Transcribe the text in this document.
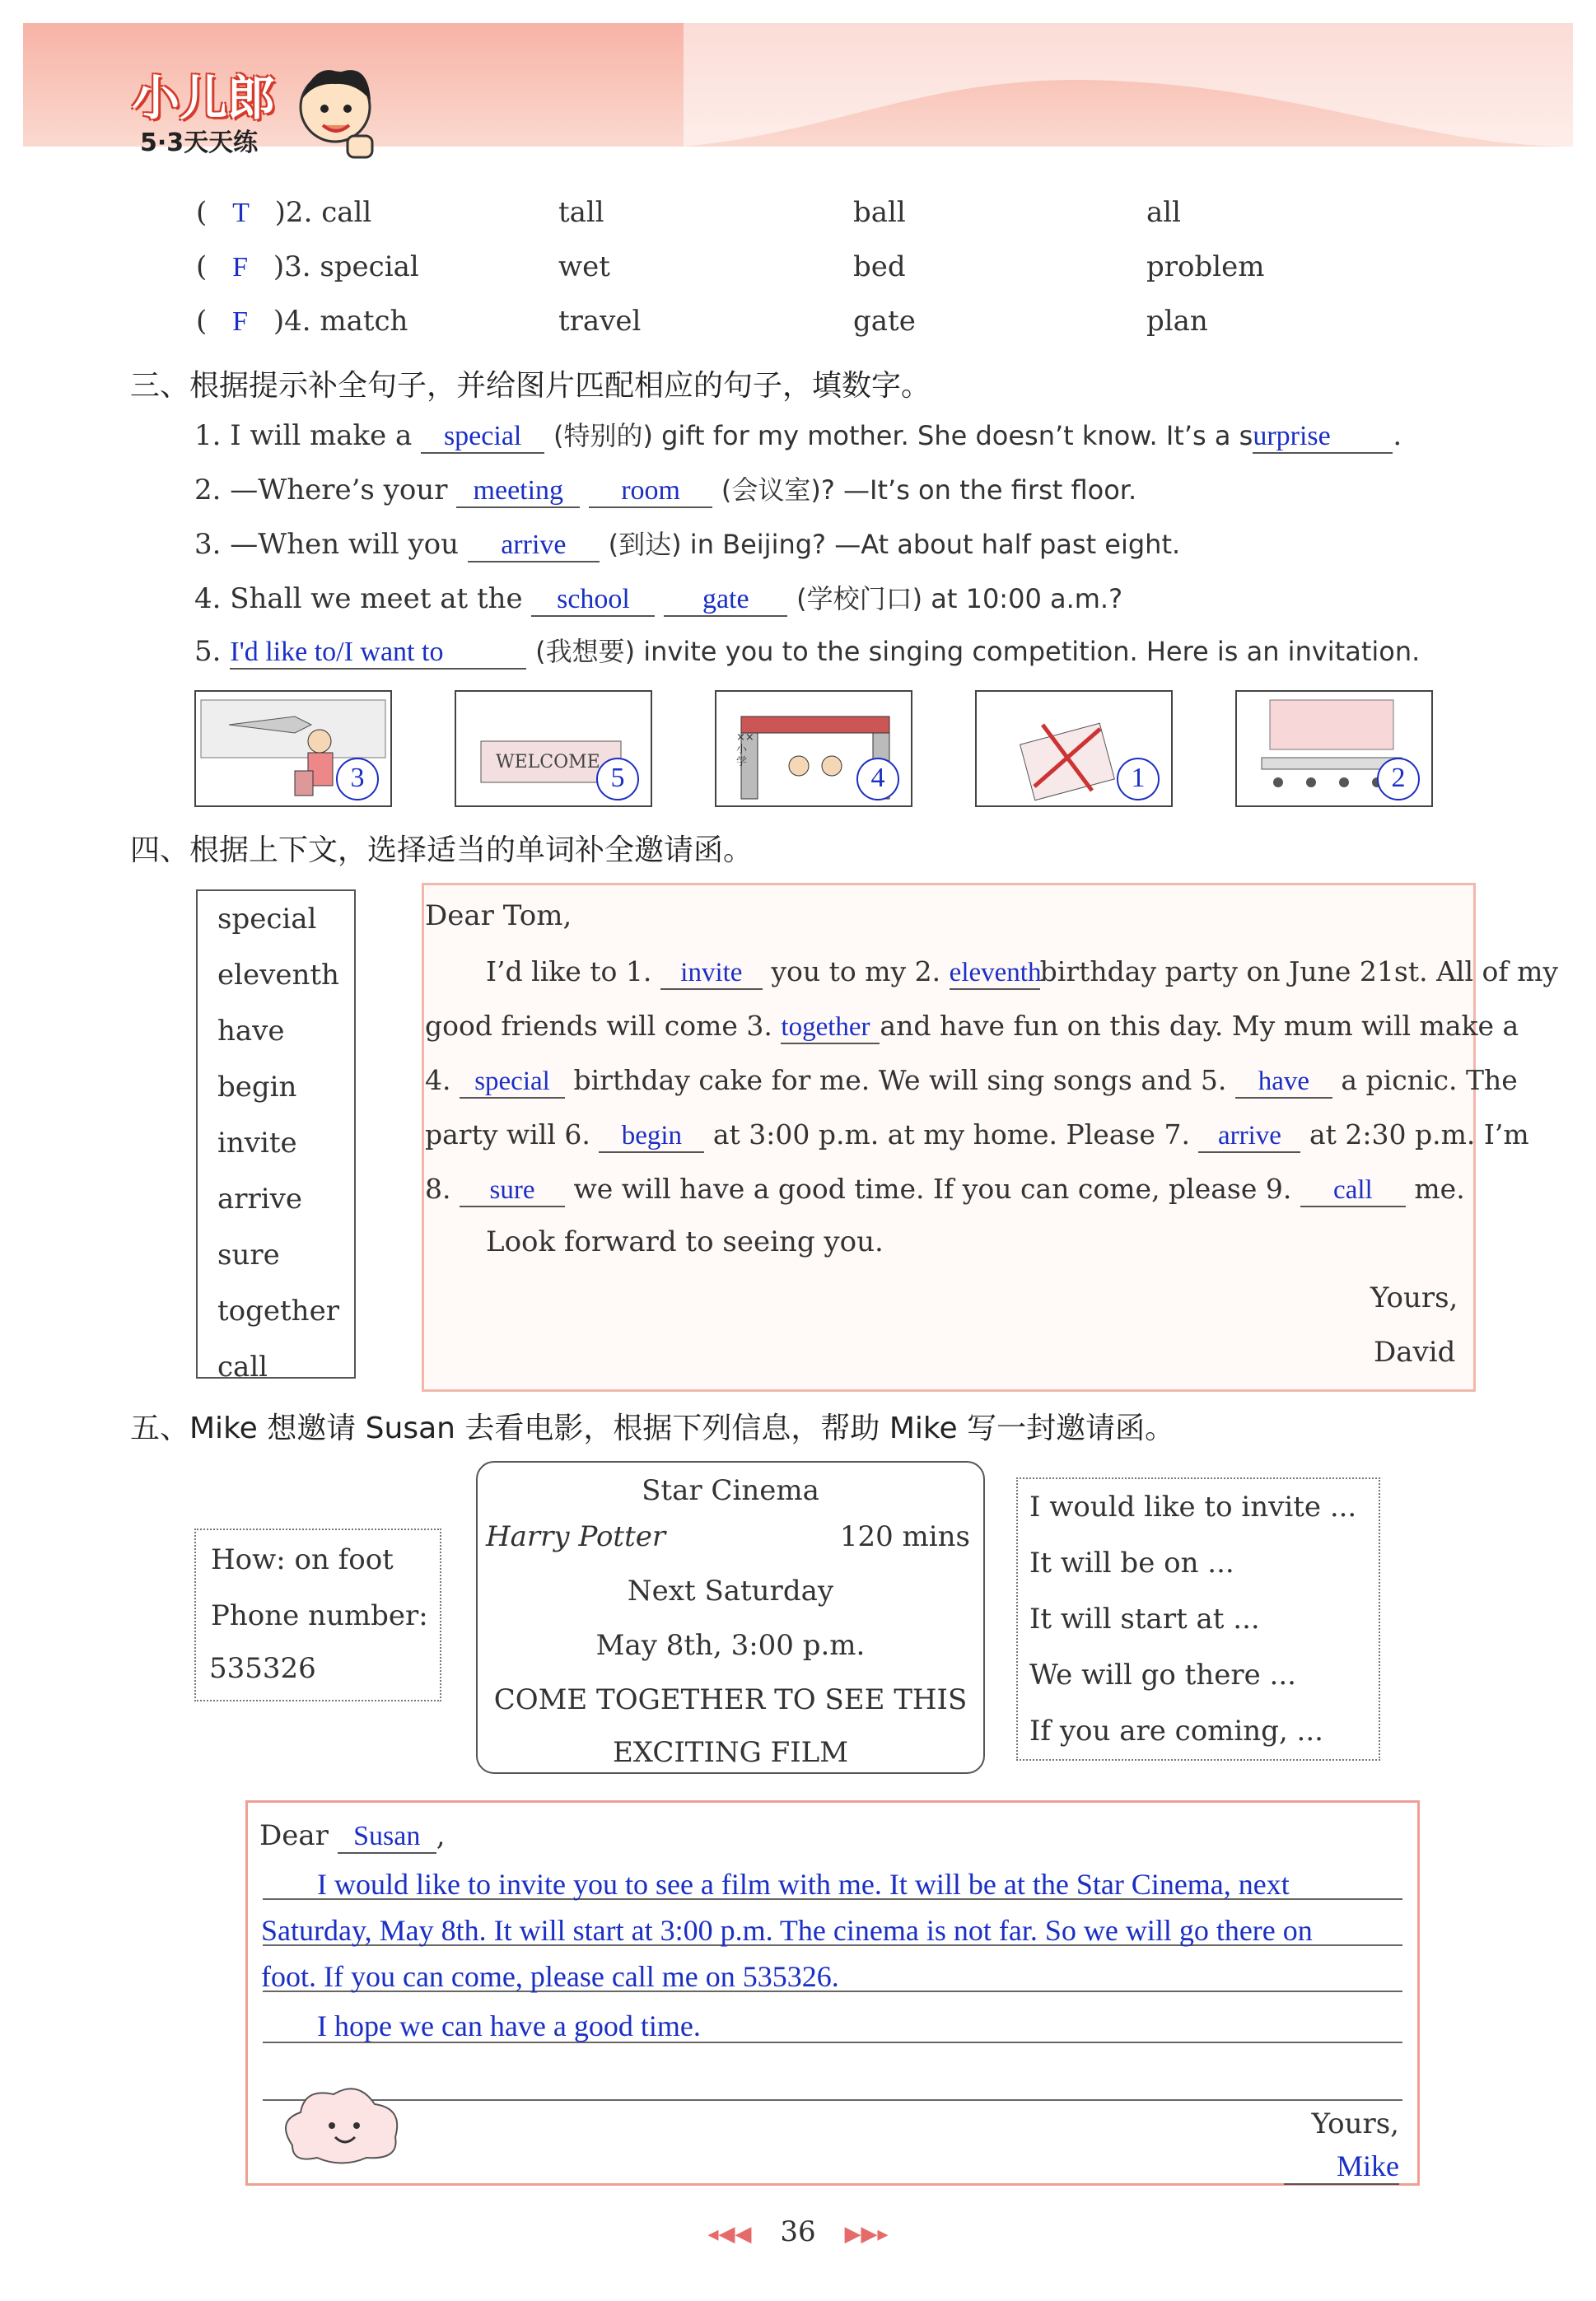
小儿郎
5·3天天练
( T )2. call	tall	ball	all
( F )3. special	wet	bed	problem
( F )4. match	travel	gate	plan
三、根据提示补全句子，并给图片匹配相应的句子，填数字。
1. I will make a special (特别的) gift for my mother. She doesn’t know. It’s a surprise .
2. —Where’s your meeting room (会议室)? —It’s on the first floor.
3. —When will you arrive (到达) in Beijing? —At about half past eight.
4. Shall we meet at the school	gate (学校门口) at 10:00 a.m.?
5. I'd like to/I want to	(我想要) invite you to the singing competition. Here is an invitation.
3
WELCOME
5
××小学
4	1	2
四、根据上下文，选择适当的单词补全邀请函。
special
eleventh
have
begin
invite
arrive
sure
together
call
Dear Tom,
I’d like to 1. invite you to my 2. eleventhbirthday party on June 21st. All of my
good friends will come 3. together and have fun on this day. My mum will make a
4. special birthday cake for me. We will sing songs and 5. have a picnic. The
party will 6. begin at 3:00 p.m. at my home. Please 7. arrive at 2:30 p.m. I’m
8. sure we will have a good time. If you can come, please 9. call me.
Look forward to seeing you.
Yours,
David
五、Mike 想邀请 Susan 去看电影，根据下列信息，帮助 Mike 写一封邀请函。
How: on foot
Phone number:
535326
Star Cinema
Harry Potter	120 mins
Next Saturday
May 8th, 3:00 p.m.
COME TOGETHER TO SEE THIS
EXCITING FILM
I would like to invite ...
It will be on ...
It will start at ...
We will go there ...
If you are coming, ...
Dear Susan ,
I would like to invite you to see a film with me. It will be at the Star Cinema, next
Saturday, May 8th. It will start at 3:00 p.m. The cinema is not far. So we will go there on
foot. If you can come, please call me on 535326.
I hope we can have a good time.
Yours,
Mike
◂◀◀ 36 ▶▶▸
